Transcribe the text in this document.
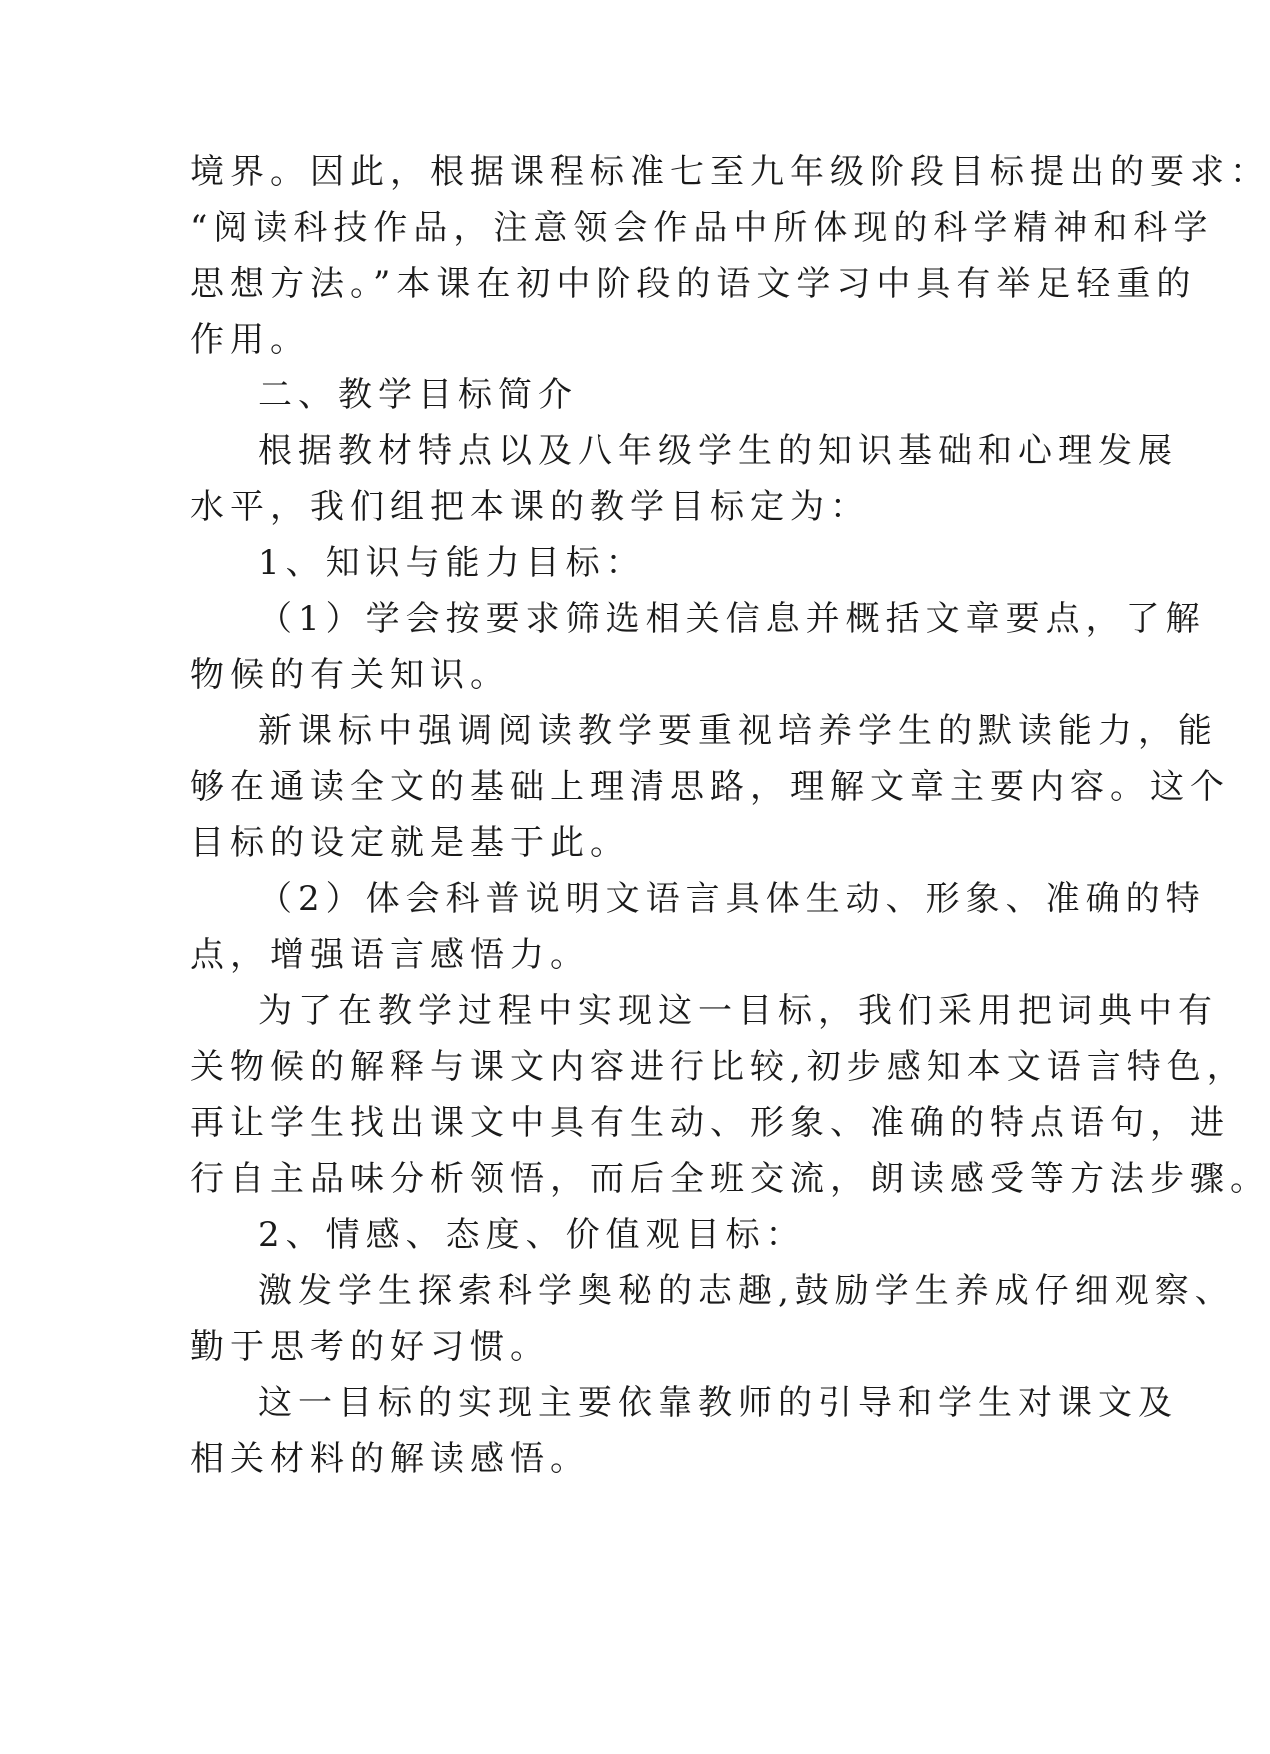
境界。因此，根据课程标准七至九年级阶段目标提出的要求：
“阅读科技作品，注意领会作品中所体现的科学精神和科学
思想方法。”本课在初中阶段的语文学习中具有举足轻重的
作用。
二、教学目标简介
根据教材特点以及八年级学生的知识基础和心理发展
水平，我们组把本课的教学目标定为：
1、知识与能力目标：
（1）学会按要求筛选相关信息并概括文章要点，了解
物候的有关知识。
新课标中强调阅读教学要重视培养学生的默读能力，能
够在通读全文的基础上理清思路，理解文章主要内容。这个
目标的设定就是基于此。
（2）体会科普说明文语言具体生动、形象、准确的特
点，增强语言感悟力。
为了在教学过程中实现这一目标，我们采用把词典中有
关物候的解释与课文内容进行比较,初步感知本文语言特色，
再让学生找出课文中具有生动、形象、准确的特点语句，进
行自主品味分析领悟，而后全班交流，朗读感受等方法步骤。
2、情感、态度、价值观目标：
激发学生探索科学奥秘的志趣,鼓励学生养成仔细观察、
勤于思考的好习惯。
这一目标的实现主要依靠教师的引导和学生对课文及
相关材料的解读感悟。
